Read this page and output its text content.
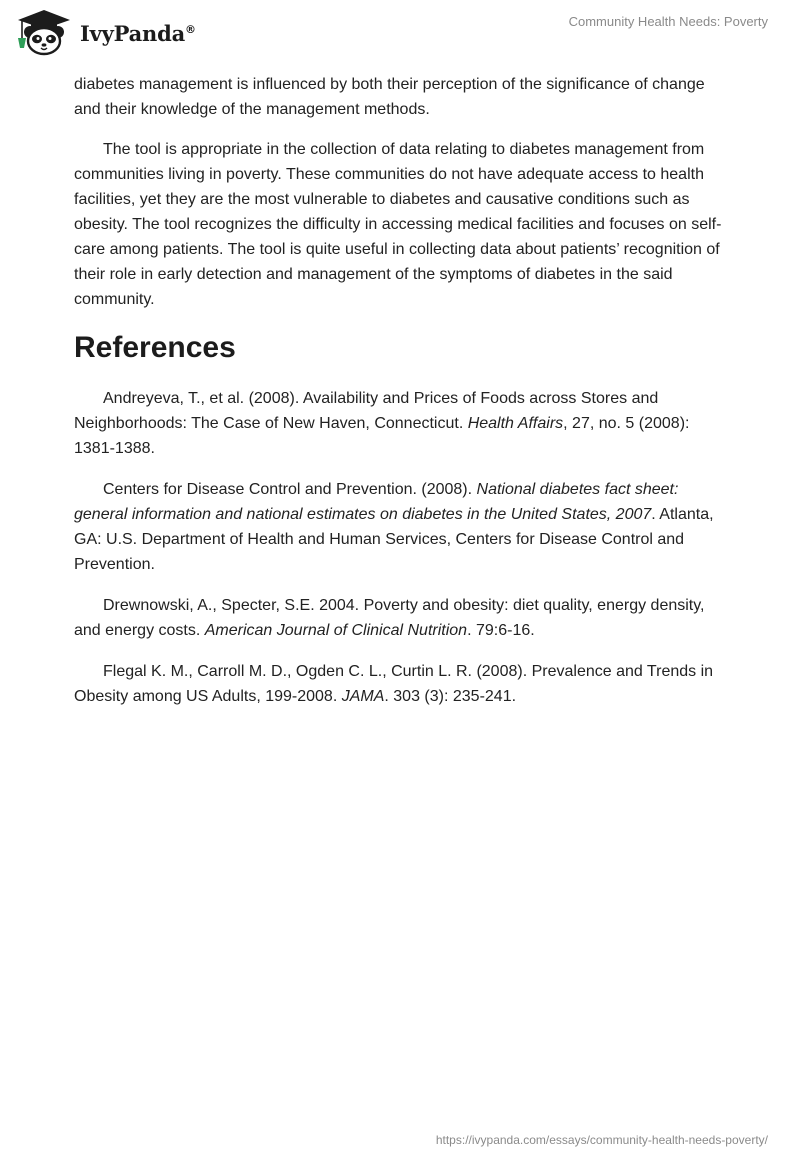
IvyPanda®	Community Health Needs: Poverty

diabetes management is influenced by both their perception of the significance of change and their knowledge of the management methods.

The tool is appropriate in the collection of data relating to diabetes management from communities living in poverty. These communities do not have adequate access to health facilities, yet they are the most vulnerable to diabetes and causative conditions such as obesity. The tool recognizes the difficulty in accessing medical facilities and focuses on self-care among patients. The tool is quite useful in collecting data about patients’ recognition of their role in early detection and management of the symptoms of diabetes in the said community.

References
Andreyeva, T., et al. (2008). Availability and Prices of Foods across Stores and Neighborhoods: The Case of New Haven, Connecticut. Health Affairs, 27, no. 5 (2008): 1381-1388.
Centers for Disease Control and Prevention. (2008). National diabetes fact sheet: general information and national estimates on diabetes in the United States, 2007. Atlanta, GA: U.S. Department of Health and Human Services, Centers for Disease Control and Prevention.
Drewnowski, A., Specter, S.E. 2004. Poverty and obesity: diet quality, energy density, and energy costs. American Journal of Clinical Nutrition. 79:6-16.
Flegal K. M., Carroll M. D., Ogden C. L., Curtin L. R. (2008). Prevalence and Trends in Obesity among US Adults, 199-2008. JAMA. 303 (3): 235-241.
https://ivypanda.com/essays/community-health-needs-poverty/
